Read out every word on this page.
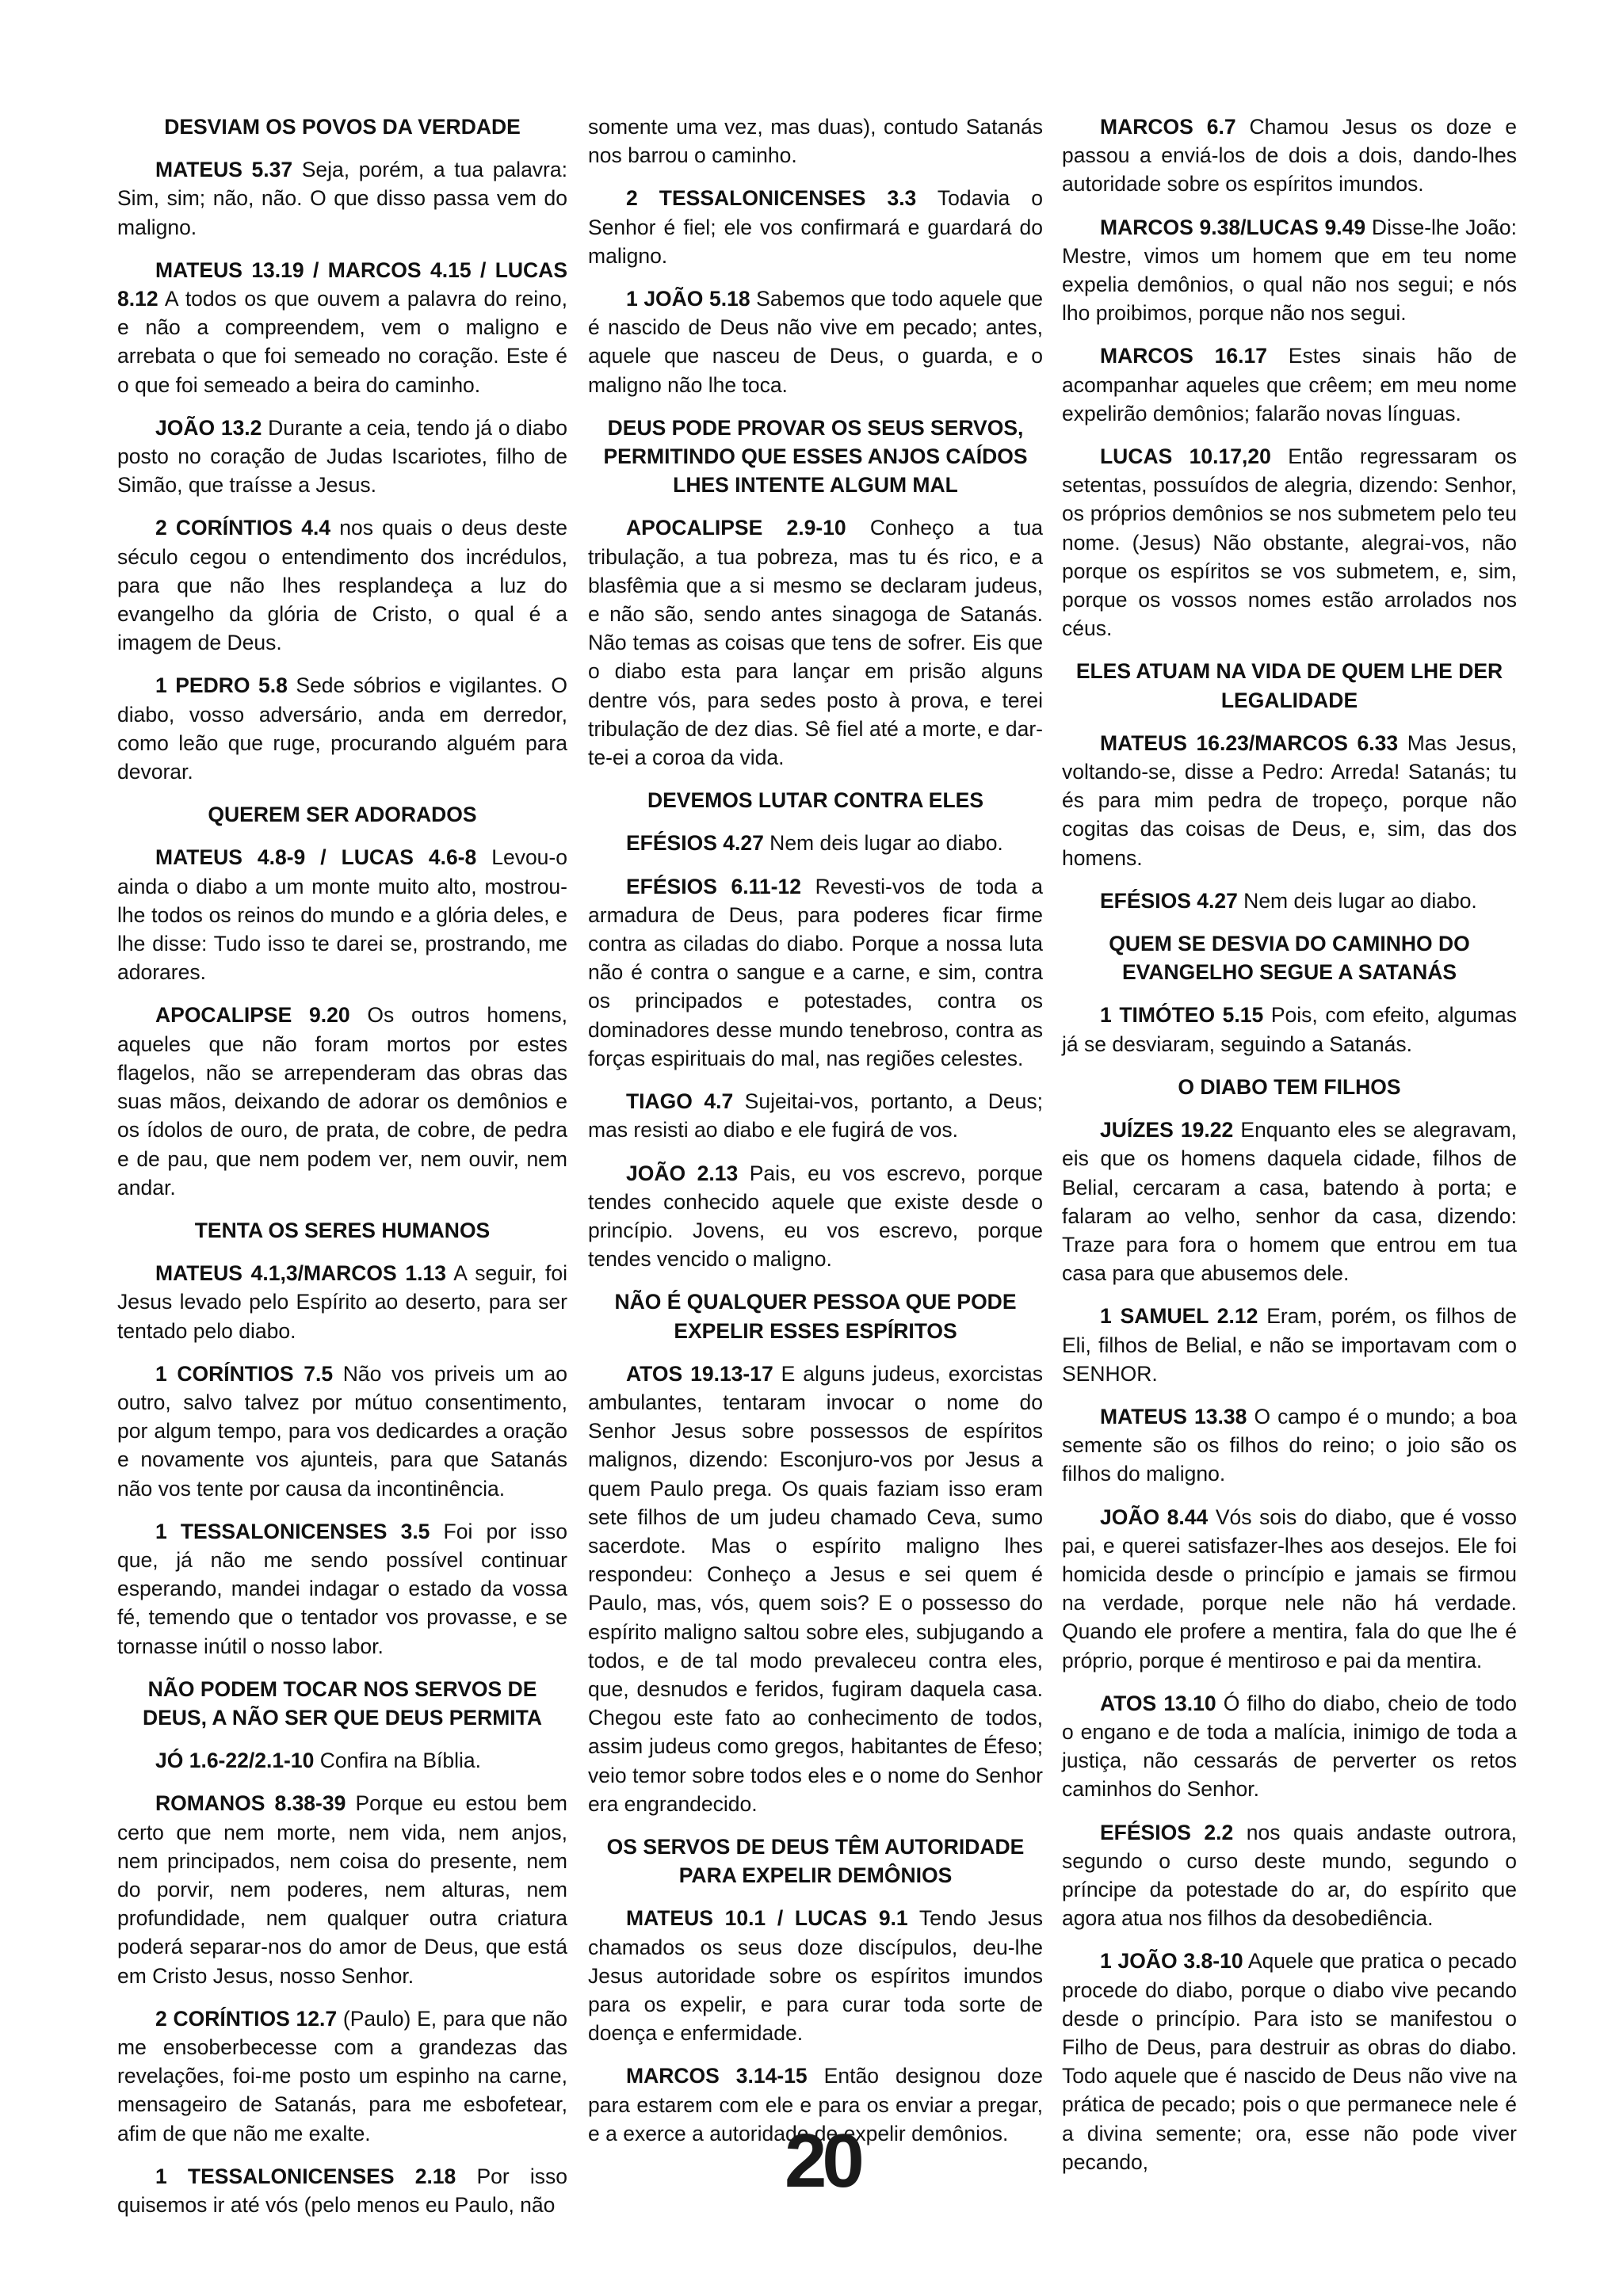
DESVIAM OS POVOS DA VERDADE
MATEUS 5.37 Seja, porém, a tua palavra: Sim, sim; não, não. O que disso passa vem do maligno.
MATEUS 13.19 / MARCOS 4.15 / LUCAS 8.12 A todos os que ouvem a palavra do reino, e não a compreendem, vem o maligno e arrebata o que foi semeado no coração. Este é o que foi semeado a beira do caminho.
JOÃO 13.2 Durante a ceia, tendo já o diabo posto no coração de Judas Iscariotes, filho de Simão, que traísse a Jesus.
2 CORÍNTIOS 4.4 nos quais o deus deste século cegou o entendimento dos incrédulos, para que não lhes resplandeça a luz do evangelho da glória de Cristo, o qual é a imagem de Deus.
1 PEDRO 5.8 Sede sóbrios e vigilantes. O diabo, vosso adversário, anda em derredor, como leão que ruge, procurando alguém para devorar.
QUEREM SER ADORADOS
MATEUS 4.8-9 / LUCAS 4.6-8 Levou-o ainda o diabo a um monte muito alto, mostrou-lhe todos os reinos do mundo e a glória deles, e lhe disse: Tudo isso te darei se, prostrando, me adorares.
APOCALIPSE 9.20 Os outros homens, aqueles que não foram mortos por estes flagelos, não se arrependeram das obras das suas mãos, deixando de adorar os demônios e os ídolos de ouro, de prata, de cobre, de pedra e de pau, que nem podem ver, nem ouvir, nem andar.
TENTA OS SERES HUMANOS
MATEUS 4.1,3/MARCOS 1.13 A seguir, foi Jesus levado pelo Espírito ao deserto, para ser tentado pelo diabo.
1 CORÍNTIOS 7.5 Não vos priveis um ao outro, salvo talvez por mútuo consentimento, por algum tempo, para vos dedicardes a oração e novamente vos ajunteis, para que Satanás não vos tente por causa da incontinência.
1 TESSALONICENSES 3.5 Foi por isso que, já não me sendo possível continuar esperando, mandei indagar o estado da vossa fé, temendo que o tentador vos provasse, e se tornasse inútil o nosso labor.
NÃO PODEM TOCAR NOS SERVOS DE DEUS, A NÃO SER QUE DEUS PERMITA
JÓ 1.6-22/2.1-10 Confira na Bíblia.
ROMANOS 8.38-39 Porque eu estou bem certo que nem morte, nem vida, nem anjos, nem principados, nem coisa do presente, nem do porvir, nem poderes, nem alturas, nem profundidade, nem qualquer outra criatura poderá separar-nos do amor de Deus, que está em Cristo Jesus, nosso Senhor.
2 CORÍNTIOS 12.7 (Paulo) E, para que não me ensoberbecesse com a grandezas das revelações, foi-me posto um espinho na carne, mensageiro de Satanás, para me esbofetear, afim de que não me exalte.
1 TESSALONICENSES 2.18 Por isso quisemos ir até vós (pelo menos eu Paulo, não
somente uma vez, mas duas), contudo Satanás nos barrou o caminho.
2 TESSALONICENSES 3.3 Todavia o Senhor é fiel; ele vos confirmará e guardará do maligno.
1 JOÃO 5.18 Sabemos que todo aquele que é nascido de Deus não vive em pecado; antes, aquele que nasceu de Deus, o guarda, e o maligno não lhe toca.
DEUS PODE PROVAR OS SEUS SERVOS, PERMITINDO QUE ESSES ANJOS CAÍDOS LHES INTENTE ALGUM MAL
APOCALIPSE 2.9-10 Conheço a tua tribulação, a tua pobreza, mas tu és rico, e a blasfêmia que a si mesmo se declaram judeus, e não são, sendo antes sinagoga de Satanás. Não temas as coisas que tens de sofrer. Eis que o diabo esta para lançar em prisão alguns dentre vós, para sedes posto à prova, e terei tribulação de dez dias. Sê fiel até a morte, e dar-te-ei a coroa da vida.
DEVEMOS LUTAR CONTRA ELES
EFÉSIOS 4.27 Nem deis lugar ao diabo.
EFÉSIOS 6.11-12 Revesti-vos de toda a armadura de Deus, para poderes ficar firme contra as ciladas do diabo. Porque a nossa luta não é contra o sangue e a carne, e sim, contra os principados e potestades, contra os dominadores desse mundo tenebroso, contra as forças espirituais do mal, nas regiões celestes.
TIAGO 4.7 Sujeitai-vos, portanto, a Deus; mas resisti ao diabo e ele fugirá de vos.
JOÃO 2.13 Pais, eu vos escrevo, porque tendes conhecido aquele que existe desde o princípio. Jovens, eu vos escrevo, porque tendes vencido o maligno.
NÃO É QUALQUER PESSOA QUE PODE EXPELIR ESSES ESPÍRITOS
ATOS 19.13-17 E alguns judeus, exorcistas ambulantes, tentaram invocar o nome do Senhor Jesus sobre possessos de espíritos malignos, dizendo: Esconjuro-vos por Jesus a quem Paulo prega. Os quais faziam isso eram sete filhos de um judeu chamado Ceva, sumo sacerdote. Mas o espírito maligno lhes respondeu: Conheço a Jesus e sei quem é Paulo, mas, vós, quem sois? E o possesso do espírito maligno saltou sobre eles, subjugando a todos, e de tal modo prevaleceu contra eles, que, desnudos e feridos, fugiram daquela casa. Chegou este fato ao conhecimento de todos, assim judeus como gregos, habitantes de Éfeso; veio temor sobre todos eles e o nome do Senhor era engrandecido.
OS SERVOS DE DEUS TÊM AUTORIDADE PARA EXPELIR DEMÔNIOS
MATEUS 10.1 / LUCAS 9.1 Tendo Jesus chamados os seus doze discípulos, deu-lhe Jesus autoridade sobre os espíritos imundos para os expelir, e para curar toda sorte de doença e enfermidade.
MARCOS 3.14-15 Então designou doze para estarem com ele e para os enviar a pregar, e a exerce a autoridade de expelir demônios.
MARCOS 6.7 Chamou Jesus os doze e passou a enviá-los de dois a dois, dando-lhes autoridade sobre os espíritos imundos.
MARCOS 9.38/LUCAS 9.49 Disse-lhe João: Mestre, vimos um homem que em teu nome expelia demônios, o qual não nos segui; e nós lho proibimos, porque não nos segui.
MARCOS 16.17 Estes sinais hão de acompanhar aqueles que crêem; em meu nome expelirão demônios; falarão novas línguas.
LUCAS 10.17,20 Então regressaram os setentas, possuídos de alegria, dizendo: Senhor, os próprios demônios se nos submetem pelo teu nome. (Jesus) Não obstante, alegrai-vos, não porque os espíritos se vos submetem, e, sim, porque os vossos nomes estão arrolados nos céus.
ELES ATUAM NA VIDA DE QUEM LHE DER LEGALIDADE
MATEUS 16.23/MARCOS 6.33 Mas Jesus, voltando-se, disse a Pedro: Arreda! Satanás; tu és para mim pedra de tropeço, porque não cogitas das coisas de Deus, e, sim, das dos homens.
EFÉSIOS 4.27 Nem deis lugar ao diabo.
QUEM SE DESVIA DO CAMINHO DO EVANGELHO SEGUE A SATANÁS
1 TIMÓTEO 5.15 Pois, com efeito, algumas já se desviaram, seguindo a Satanás.
O DIABO TEM FILHOS
JUÍZES 19.22 Enquanto eles se alegravam, eis que os homens daquela cidade, filhos de Belial, cercaram a casa, batendo à porta; e falaram ao velho, senhor da casa, dizendo: Traze para fora o homem que entrou em tua casa para que abusemos dele.
1 SAMUEL 2.12 Eram, porém, os filhos de Eli, filhos de Belial, e não se importavam com o SENHOR.
MATEUS 13.38 O campo é o mundo; a boa semente são os filhos do reino; o joio são os filhos do maligno.
JOÃO 8.44 Vós sois do diabo, que é vosso pai, e querei satisfazer-lhes aos desejos. Ele foi homicida desde o princípio e jamais se firmou na verdade, porque nele não há verdade. Quando ele profere a mentira, fala do que lhe é próprio, porque é mentiroso e pai da mentira.
ATOS 13.10 Ó filho do diabo, cheio de todo o engano e de toda a malícia, inimigo de toda a justiça, não cessarás de perverter os retos caminhos do Senhor.
EFÉSIOS 2.2 nos quais andaste outrora, segundo o curso deste mundo, segundo o príncipe da potestade do ar, do espírito que agora atua nos filhos da desobediência.
1 JOÃO 3.8-10 Aquele que pratica o pecado procede do diabo, porque o diabo vive pecando desde o princípio. Para isto se manifestou o Filho de Deus, para destruir as obras do diabo. Todo aquele que é nascido de Deus não vive na prática de pecado; pois o que permanece nele é a divina semente; ora, esse não pode viver pecando,
20
